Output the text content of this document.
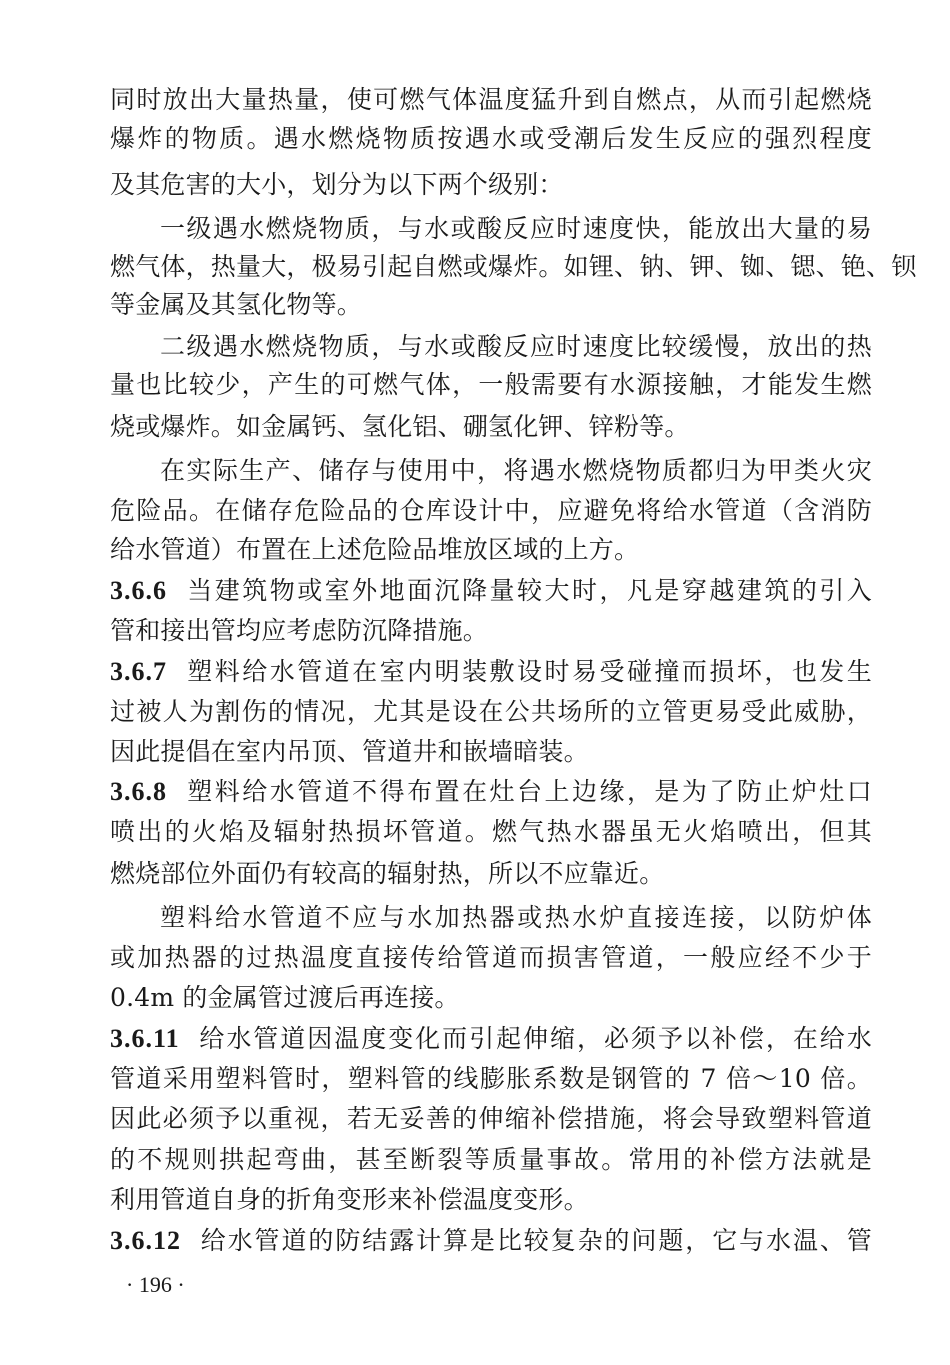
同时放出大量热量，使可燃气体温度猛升到自燃点，从而引起燃烧
爆炸的物质。遇水燃烧物质按遇水或受潮后发生反应的强烈程度
及其危害的大小，划分为以下两个级别：
一级遇水燃烧物质，与水或酸反应时速度快，能放出大量的易
燃气体，热量大，极易引起自燃或爆炸。如锂、钠、钾、铷、锶、铯、钡
等金属及其氢化物等。
二级遇水燃烧物质，与水或酸反应时速度比较缓慢，放出的热
量也比较少，产生的可燃气体，一般需要有水源接触，才能发生燃
烧或爆炸。如金属钙、氢化铝、硼氢化钾、锌粉等。
在实际生产、储存与使用中，将遇水燃烧物质都归为甲类火灾
危险品。在储存危险品的仓库设计中，应避免将给水管道（含消防
给水管道）布置在上述危险品堆放区域的上方。
3.6.6 当建筑物或室外地面沉降量较大时，凡是穿越建筑的引入
管和接出管均应考虑防沉降措施。
3.6.7 塑料给水管道在室内明装敷设时易受碰撞而损坏，也发生
过被人为割伤的情况，尤其是设在公共场所的立管更易受此威胁，
因此提倡在室内吊顶、管道井和嵌墙暗装。
3.6.8 塑料给水管道不得布置在灶台上边缘，是为了防止炉灶口
喷出的火焰及辐射热损坏管道。燃气热水器虽无火焰喷出，但其
燃烧部位外面仍有较高的辐射热，所以不应靠近。
塑料给水管道不应与水加热器或热水炉直接连接，以防炉体
或加热器的过热温度直接传给管道而损害管道，一般应经不少于
0.4m 的金属管过渡后再连接。
3.6.11 给水管道因温度变化而引起伸缩，必须予以补偿，在给水
管道采用塑料管时，塑料管的线膨胀系数是钢管的 7 倍～10 倍。
因此必须予以重视，若无妥善的伸缩补偿措施，将会导致塑料管道
的不规则拱起弯曲，甚至断裂等质量事故。常用的补偿方法就是
利用管道自身的折角变形来补偿温度变形。
3.6.12 给水管道的防结露计算是比较复杂的问题，它与水温、管
· 196 ·
